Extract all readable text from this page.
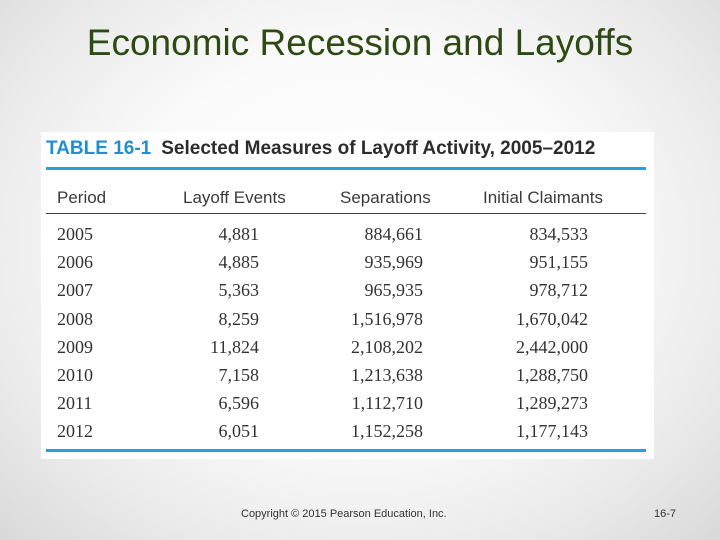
Economic Recession and Layoffs
TABLE 16-1 Selected Measures of Layoff Activity, 2005–2012
Period	Layoff Events	Separations	Initial Claimants
2005	4,881	884,661	834,533
2006	4,885	935,969	951,155
2007	5,363	965,935	978,712
2008	8,259	1,516,978	1,670,042
2009	11,824	2,108,202	2,442,000
2010	7,158	1,213,638	1,288,750
2011	6,596	1,112,710	1,289,273
2012	6,051	1,152,258	1,177,143
Copyright © 2015 Pearson Education, Inc.	16-7
